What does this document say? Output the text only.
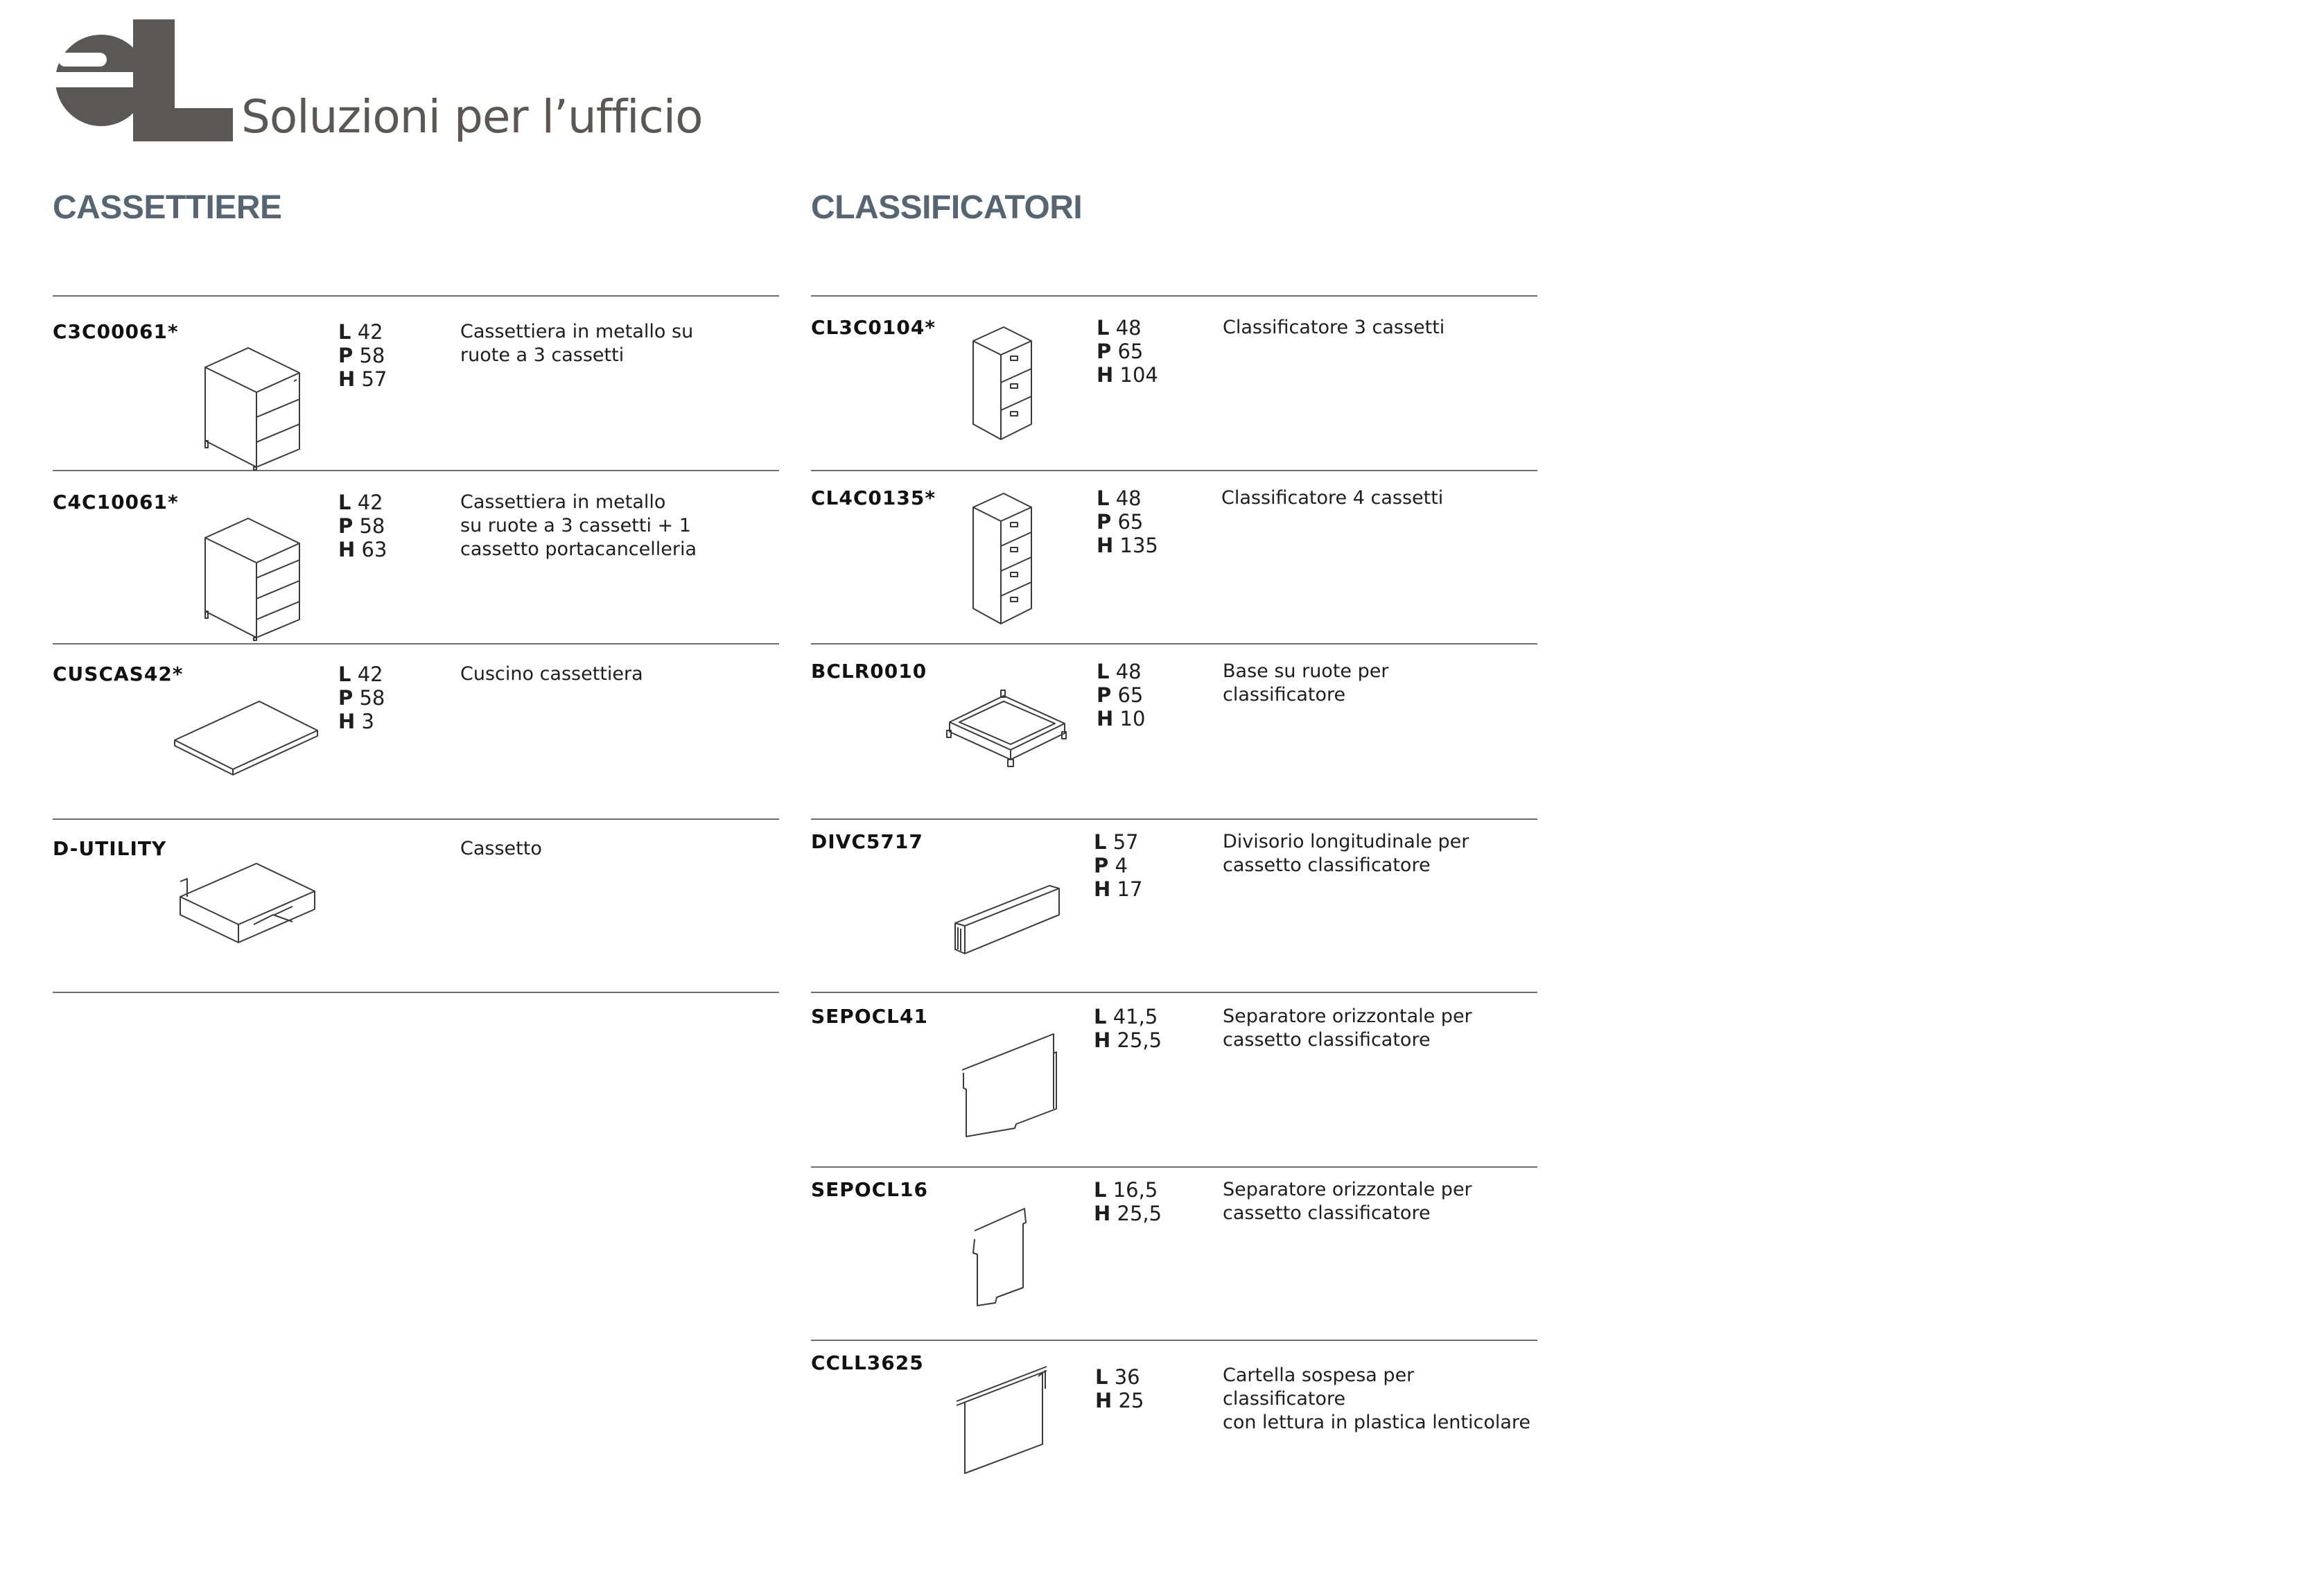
Soluzioni per l’ufficio
CASSETTIERE	CLASSIFICATORI
C3C00061*	L 42
P 58
H 57
Cassettiera in metallo su
ruote a 3 cassetti
C4C10061*	L 42
P 58
H 63
Cassettiera in metallo
su ruote a 3 cassetti + 1
cassetto portacancelleria
CUSCAS42*	L 42
P 58
H 3
Cuscino cassettiera
D-UTILITY	Cassetto
CL3C0104*	L 48
P 65
H 104
Classificatore 3 cassetti
CL4C0135*	L 48
P 65
H 135
Classificatore 4 cassetti
BCLR0010	L 48
P 65
H 10
Base su ruote per
classificatore
DIVC5717	L 57
P 4
H 17
Divisorio longitudinale per
cassetto classificatore
SEPOCL41	L 41,5
H 25,5
Separatore orizzontale per
cassetto classificatore
SEPOCL16	L 16,5
H 25,5
Separatore orizzontale per
cassetto classificatore
CCLL3625
L 36
H 25
Cartella sospesa per classificatore
con lettura in plastica lenticolare
